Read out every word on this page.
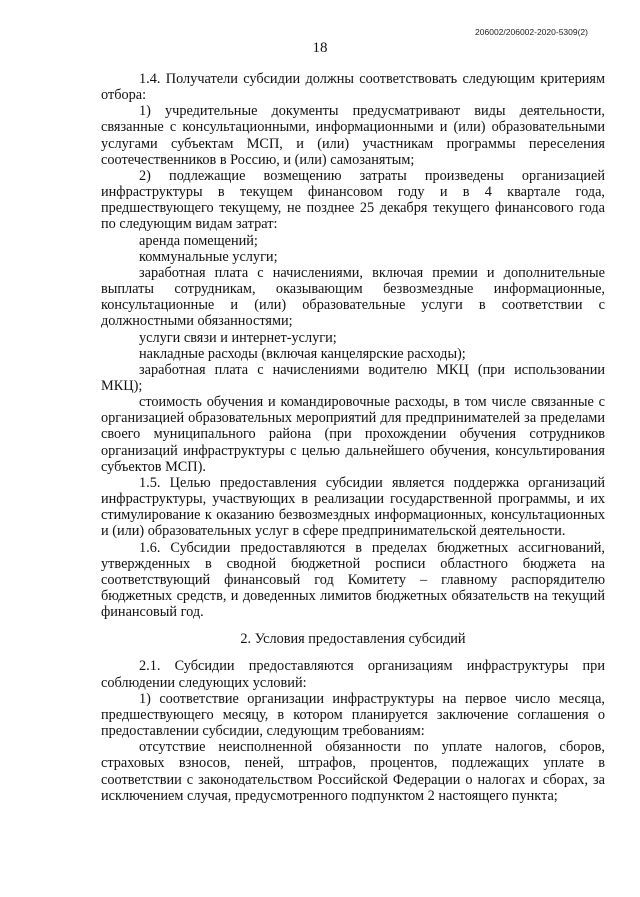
206002/206002-2020-5309(2)
18

1.4. Получатели субсидии должны соответствовать следующим критериям отбора:

1) учредительные документы предусматривают виды деятельности, связанные с консультационными, информационными и (или) образовательными услугами субъектам МСП, и (или) участникам программы переселения соотечественников в Россию, и (или) самозанятым;

2) подлежащие возмещению затраты произведены организацией инфраструктуры в текущем финансовом году и в 4 квартале года, предшествующего текущему, не позднее 25 декабря текущего финансового года по следующим видам затрат:

аренда помещений;

коммунальные услуги;

заработная плата с начислениями, включая премии и дополнительные выплаты сотрудникам, оказывающим безвозмездные информационные, консультационные и (или) образовательные услуги в соответствии с должностными обязанностями;

услуги связи и интернет-услуги;

накладные расходы (включая канцелярские расходы);

заработная плата с начислениями водителю МКЦ (при использовании МКЦ);

стоимость обучения и командировочные расходы, в том числе связанные с организацией образовательных мероприятий для предпринимателей за пределами своего муниципального района (при прохождении обучения сотрудников организаций инфраструктуры с целью дальнейшего обучения, консультирования субъектов МСП).

1.5. Целью предоставления субсидии является поддержка организаций инфраструктуры, участвующих в реализации государственной программы, и их стимулирование к оказанию безвозмездных информационных, консультационных и (или) образовательных услуг в сфере предпринимательской деятельности.

1.6. Субсидии предоставляются в пределах бюджетных ассигнований, утвержденных в сводной бюджетной росписи областного бюджета на соответствующий финансовый год Комитету – главному распорядителю бюджетных средств, и доведенных лимитов бюджетных обязательств на текущий финансовый год.

2. Условия предоставления субсидий

2.1. Субсидии предоставляются организациям инфраструктуры при соблюдении следующих условий:

1) соответствие организации инфраструктуры на первое число месяца, предшествующего месяцу, в котором планируется заключение соглашения о предоставлении субсидии, следующим требованиям:

отсутствие неисполненной обязанности по уплате налогов, сборов, страховых взносов, пеней, штрафов, процентов, подлежащих уплате в соответствии с законодательством Российской Федерации о налогах и сборах, за исключением случая, предусмотренного подпунктом 2 настоящего пункта;
